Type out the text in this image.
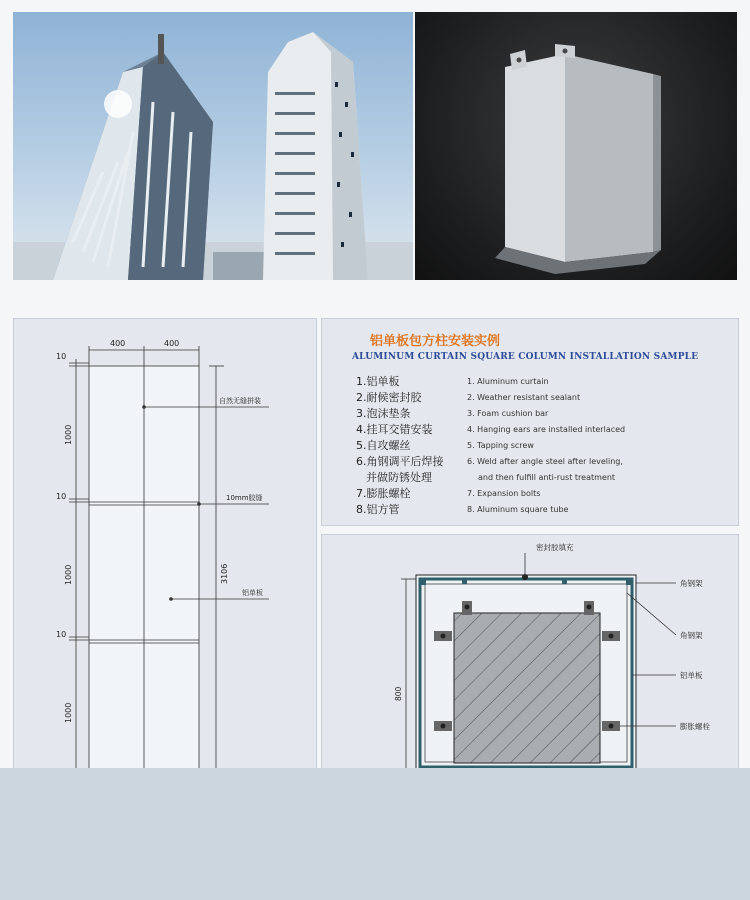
400	400
10
10
10
1000
1000
1000
3106
自然无缝拼装
10mm胶缝
铝单板
铝单板包方柱安装实例
ALUMINUM CURTAIN SQUARE COLUMN INSTALLATION SAMPLE
1.铝单板
2.耐候密封胶
3.泡沫垫条
4.挂耳交错安装
5.自攻螺丝
6.角钢调平后焊接
并做防锈处理
7.膨胀螺栓
8.铝方管
1. Aluminum curtain
2. Weather resistant sealant
3. Foam cushion bar
4. Hanging ears are installed interlaced
5. Tapping screw
6. Weld after angle steel after leveling,
and then fulfill anti-rust treatment
7. Expansion bolts
8. Aluminum square tube
密封胶填充
角钢架
角钢架
铝单板
膨胀螺栓
800
